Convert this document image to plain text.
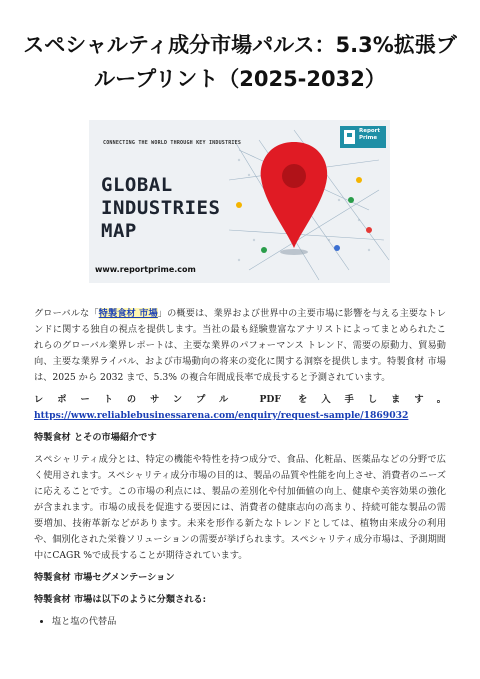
スペシャルティ成分市場パルス：5.3%拡張ブループリント（2025-2032）
CONNECTING THE WORLD THROUGH KEY INDUSTRIES
GLOBAL
INDUSTRIES
MAP
www.reportprime.com
Report
Prime

グローバルな「特製食材 市場」の概要は、業界および世界中の主要市場に影響を与える主要なトレンドに関する独自の視点を提供します。当社の最も経験豊富なアナリストによってまとめられたこれらのグローバル業界レポートは、主要な業界のパフォーマンス トレンド、需要の原動力、貿易動向、主要な業界ライバル、および市場動向の将来の変化に関する洞察を提供します。特製食材 市場は、2025 から 2032 まで、5.3% の複合年間成長率で成長すると予測されています。

レポートのサンプル PDF を入手します。https://www.reliablebusinessarena.com/enquiry/request-sample/1869032

特製食材 とその市場紹介です

スペシャリティ成分とは、特定の機能や特性を持つ成分で、食品、化粧品、医薬品などの分野で広く使用されます。スペシャリティ成分市場の目的は、製品の品質や性能を向上させ、消費者のニーズに応えることです。この市場の利点には、製品の差別化や付加価値の向上、健康や美容効果の強化が含まれます。市場の成長を促進する要因には、消費者の健康志向の高まり、持続可能な製品の需要増加、技術革新などがあります。未来を形作る新たなトレンドとしては、植物由来成分の利用や、個別化された栄養ソリューションの需要が挙げられます。スペシャリティ成分市場は、予測期間中にCAGR %で成長することが期待されています。

特製食材 市場セグメンテーション
特製食材 市場は以下のように分類される:
• 塩と塩の代替品
